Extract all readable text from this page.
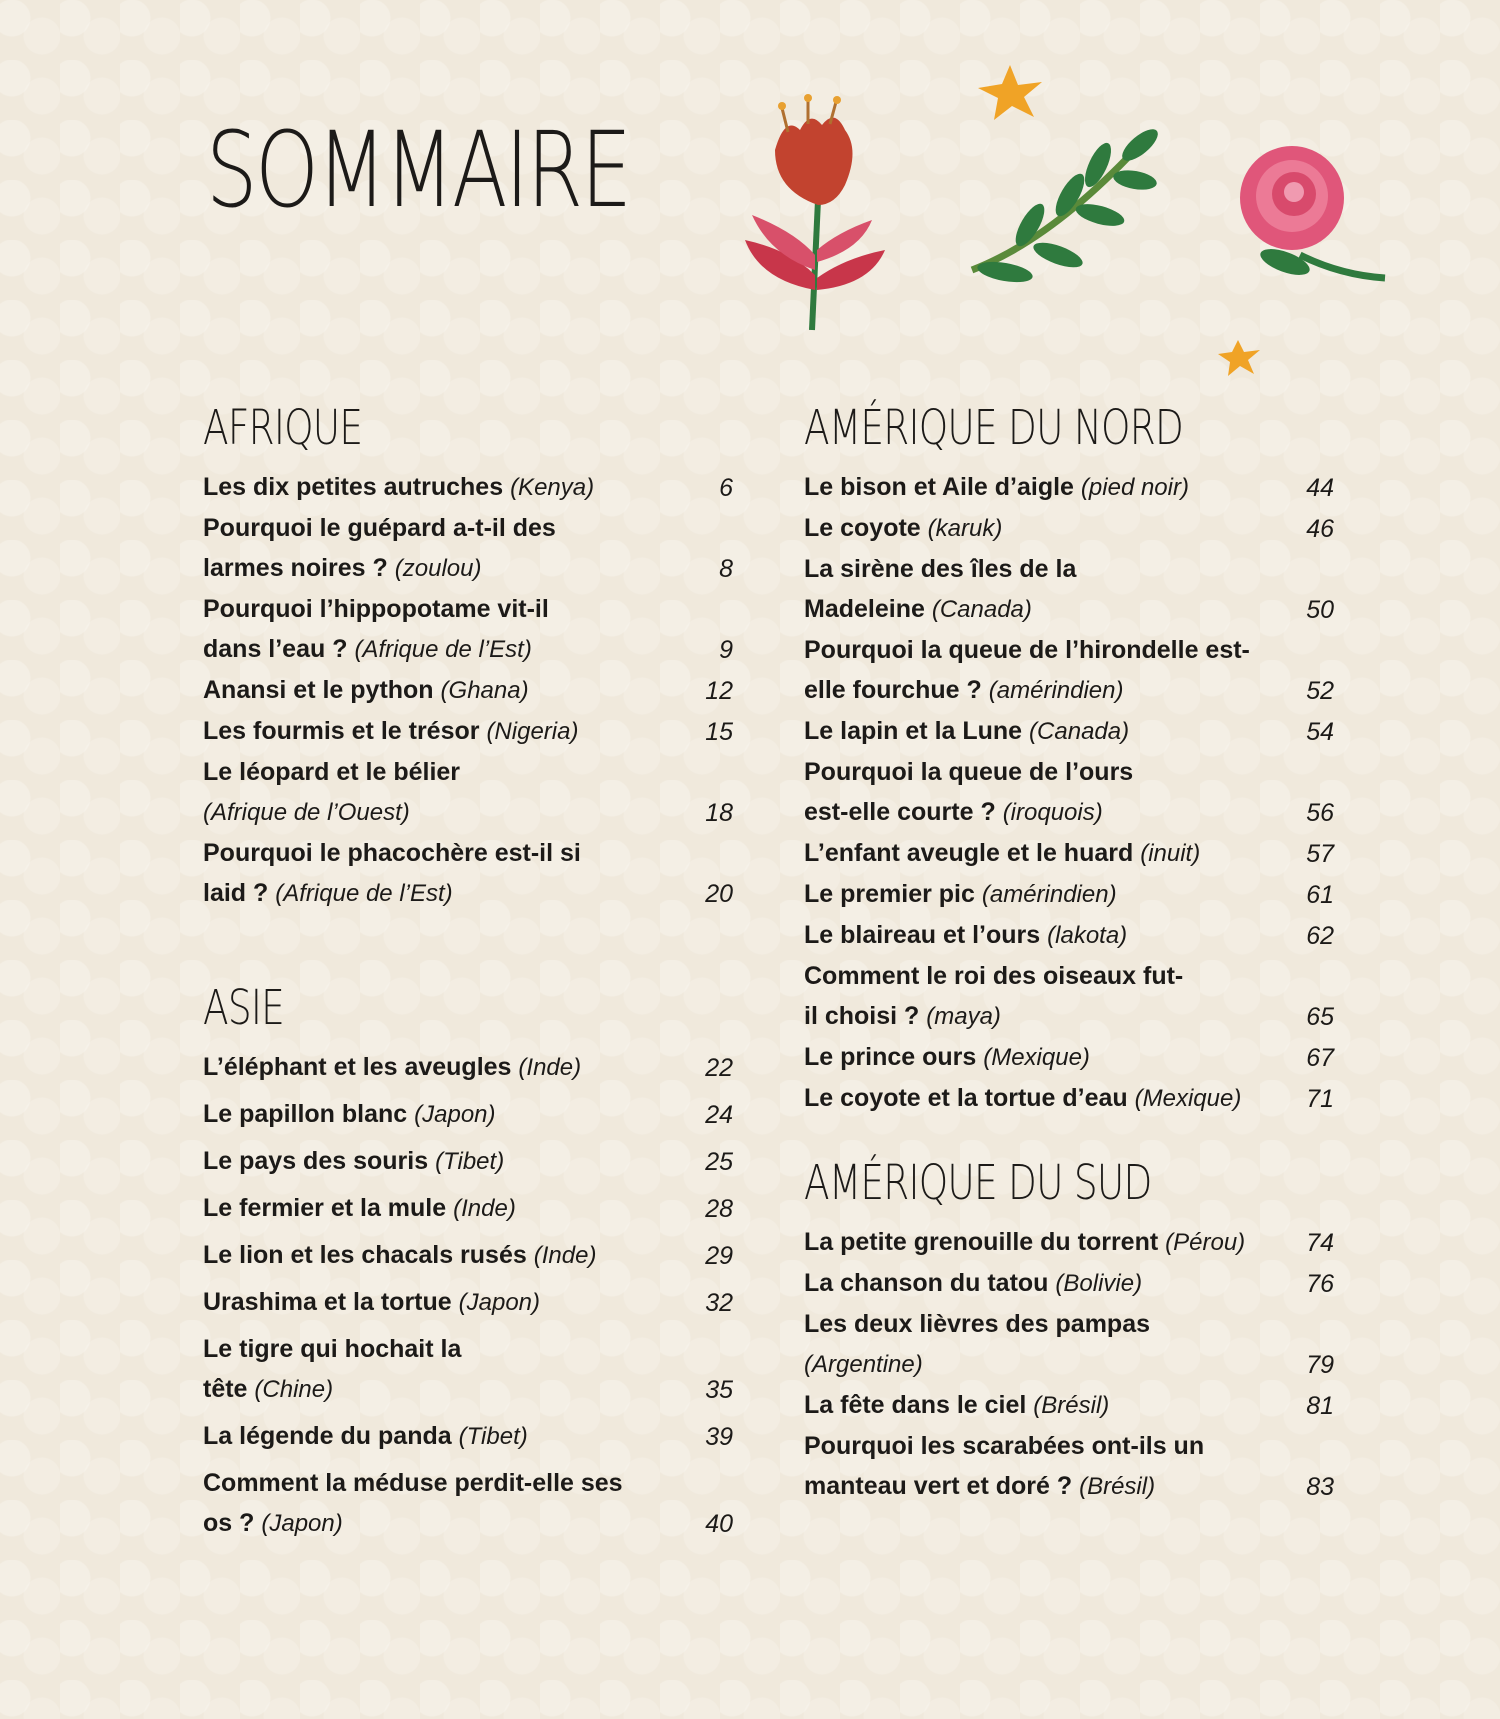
SOMMAIRE
AFRIQUE
Les dix petites autruches (Kenya)	6
Pourquoi le guépard a-t-il des larmes noires ? (zoulou)	8
Pourquoi l’hippopotame vit-il dans l’eau ? (Afrique de l’Est)	9
Anansi et le python (Ghana)	12
Les fourmis et le trésor (Nigeria)	15
Le léopard et le bélier (Afrique de l’Ouest)	18
Pourquoi le phacochère est-il si laid ? (Afrique de l’Est)	20
ASIE
L’éléphant et les aveugles (Inde)	22
Le papillon blanc (Japon)	24
Le pays des souris (Tibet)	25
Le fermier et la mule (Inde)	28
Le lion et les chacals rusés (Inde)	29
Urashima et la tortue (Japon)	32
Le tigre qui hochait la tête (Chine)	35
La légende du panda (Tibet)	39
Comment la méduse perdit-elle ses os ? (Japon)	40
AMÉRIQUE DU NORD
Le bison et Aile d’aigle (pied noir)	44
Le coyote (karuk)	46
La sirène des îles de la Madeleine (Canada)	50
Pourquoi la queue de l’hirondelle est-elle fourchue ? (amérindien)	52
Le lapin et la Lune (Canada)	54
Pourquoi la queue de l’ours est-elle courte ? (iroquois)	56
L’enfant aveugle et le huard (inuit)	57
Le premier pic (amérindien)	61
Le blaireau et l’ours (lakota)	62
Comment le roi des oiseaux fut-il choisi ? (maya)	65
Le prince ours (Mexique)	67
Le coyote et la tortue d’eau (Mexique)	71
AMÉRIQUE DU SUD
La petite grenouille du torrent (Pérou)	74
La chanson du tatou (Bolivie)	76
Les deux lièvres des pampas (Argentine)	79
La fête dans le ciel (Brésil)	81
Pourquoi les scarabées ont-ils un manteau vert et doré ? (Brésil)	83
